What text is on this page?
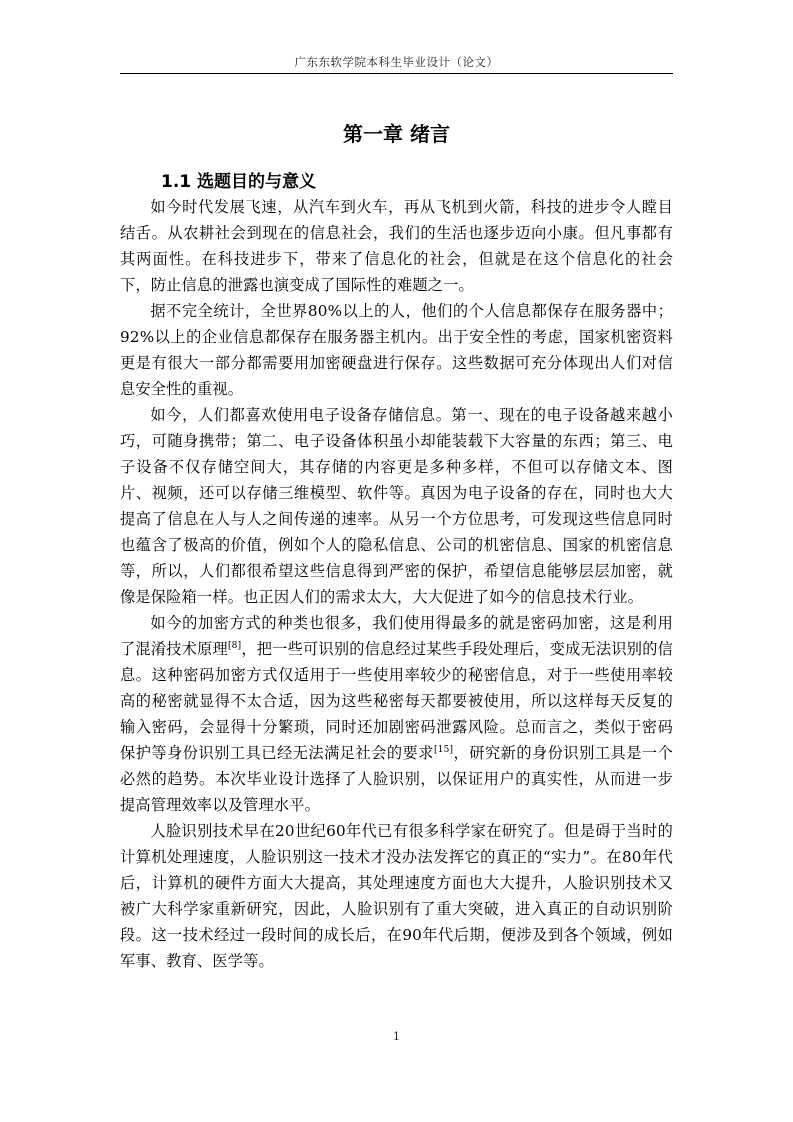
广东东软学院本科生毕业设计（论文）
第一章 绪言
1.1 选题目的与意义

如今时代发展飞速，从汽车到火车，再从飞机到火箭，科技的进步令人瞠目结舌。从农耕社会到现在的信息社会，我们的生活也逐步迈向小康。但凡事都有其两面性。在科技进步下，带来了信息化的社会，但就是在这个信息化的社会下，防止信息的泄露也演变成了国际性的难题之一。

据不完全统计，全世界80%以上的人，他们的个人信息都保存在服务器中；92%以上的企业信息都保存在服务器主机内。出于安全性的考虑，国家机密资料更是有很大一部分都需要用加密硬盘进行保存。这些数据可充分体现出人们对信息安全性的重视。

如今，人们都喜欢使用电子设备存储信息。第一、现在的电子设备越来越小巧，可随身携带；第二、电子设备体积虽小却能装载下大容量的东西；第三、电子设备不仅存储空间大，其存储的内容更是多种多样，不但可以存储文本、图片、视频，还可以存储三维模型、软件等。真因为电子设备的存在，同时也大大提高了信息在人与人之间传递的速率。从另一个方位思考，可发现这些信息同时也蕴含了极高的价值，例如个人的隐私信息、公司的机密信息、国家的机密信息等，所以，人们都很希望这些信息得到严密的保护，希望信息能够层层加密，就像是保险箱一样。也正因人们的需求太大，大大促进了如今的信息技术行业。

如今的加密方式的种类也很多，我们使用得最多的就是密码加密，这是利用了混淆技术原理[8]，把一些可识别的信息经过某些手段处理后，变成无法识别的信息。这种密码加密方式仅适用于一些使用率较少的秘密信息，对于一些使用率较高的秘密就显得不太合适，因为这些秘密每天都要被使用，所以这样每天反复的输入密码，会显得十分繁琐，同时还加剧密码泄露风险。总而言之，类似于密码保护等身份识别工具已经无法满足社会的要求[15]，研究新的身份识别工具是一个必然的趋势。本次毕业设计选择了人脸识别，以保证用户的真实性，从而进一步提高管理效率以及管理水平。

人脸识别技术早在20世纪60年代已有很多科学家在研究了。但是碍于当时的计算机处理速度，人脸识别这一技术才没办法发挥它的真正的“实力”。在80年代后，计算机的硬件方面大大提高，其处理速度方面也大大提升，人脸识别技术又被广大科学家重新研究，因此，人脸识别有了重大突破，进入真正的自动识别阶段。这一技术经过一段时间的成长后，在90年代后期，便涉及到各个领域，例如军事、教育、医学等。

1
